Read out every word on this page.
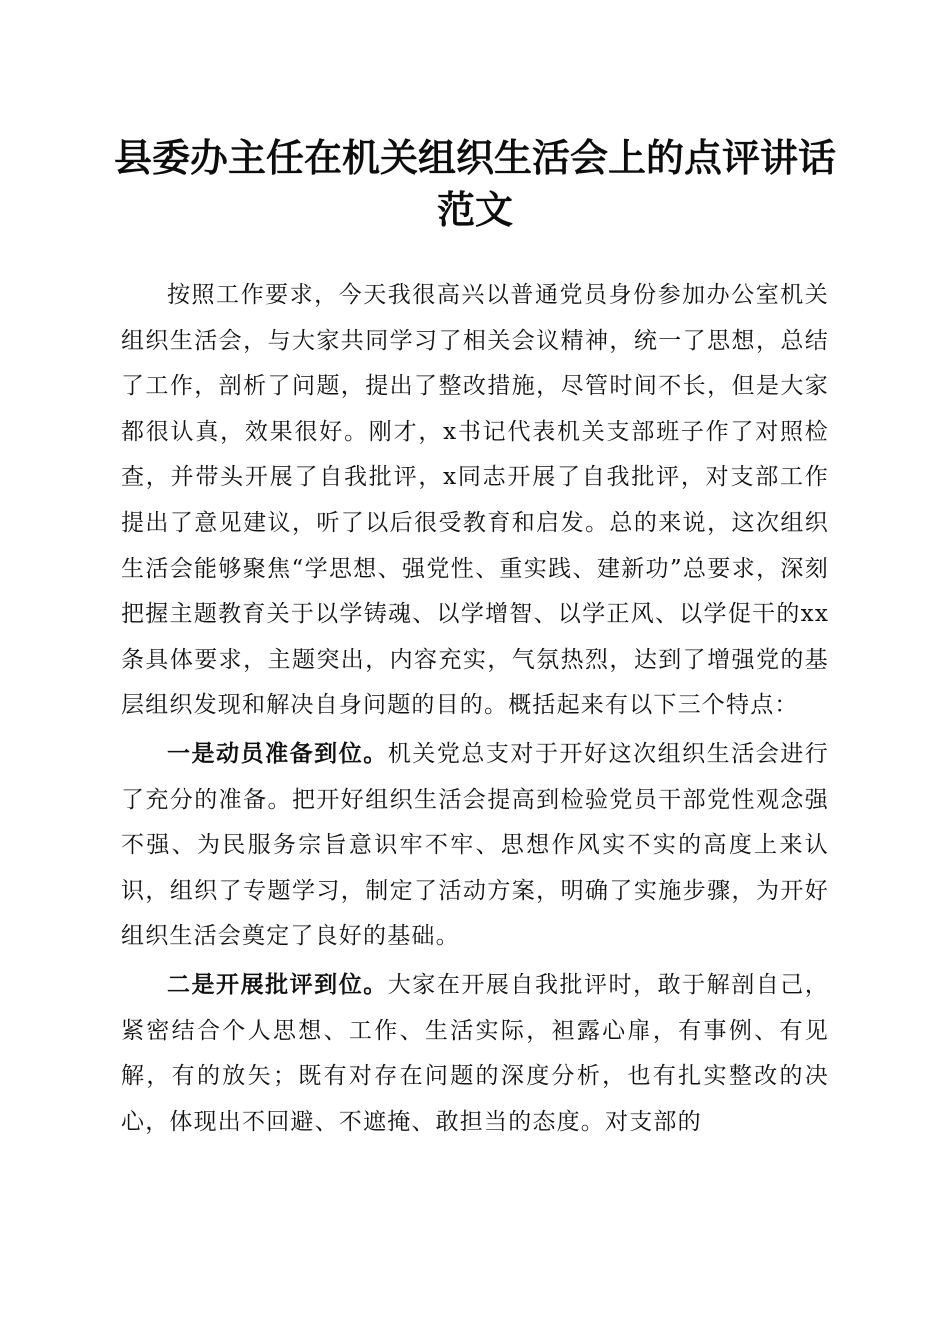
县委办主任在机关组织生活会上的点评讲话范文

按照工作要求，今天我很高兴以普通党员身份参加办公室机关组织生活会，与大家共同学习了相关会议精神，统一了思想，总结了工作，剖析了问题，提出了整改措施，尽管时间不长，但是大家都很认真，效果很好。刚才，x书记代表机关支部班子作了对照检查，并带头开展了自我批评，x同志开展了自我批评，对支部工作提出了意见建议，听了以后很受教育和启发。总的来说，这次组织生活会能够聚焦“学思想、强党性、重实践、建新功”总要求，深刻把握主题教育关于以学铸魂、以学增智、以学正风、以学促干的xx条具体要求，主题突出，内容充实，气氛热烈，达到了增强党的基层组织发现和解决自身问题的目的。概括起来有以下三个特点：

一是动员准备到位。机关党总支对于开好这次组织生活会进行了充分的准备。把开好组织生活会提高到检验党员干部党性观念强不强、为民服务宗旨意识牢不牢、思想作风实不实的高度上来认识，组织了专题学习，制定了活动方案，明确了实施步骤，为开好组织生活会奠定了良好的基础。

二是开展批评到位。大家在开展自我批评时，敢于解剖自己，紧密结合个人思想、工作、生活实际，袒露心扉，有事例、有见解，有的放矢；既有对存在问题的深度分析，也有扎实整改的决心，体现出不回避、不遮掩、敢担当的态度。对支部的
